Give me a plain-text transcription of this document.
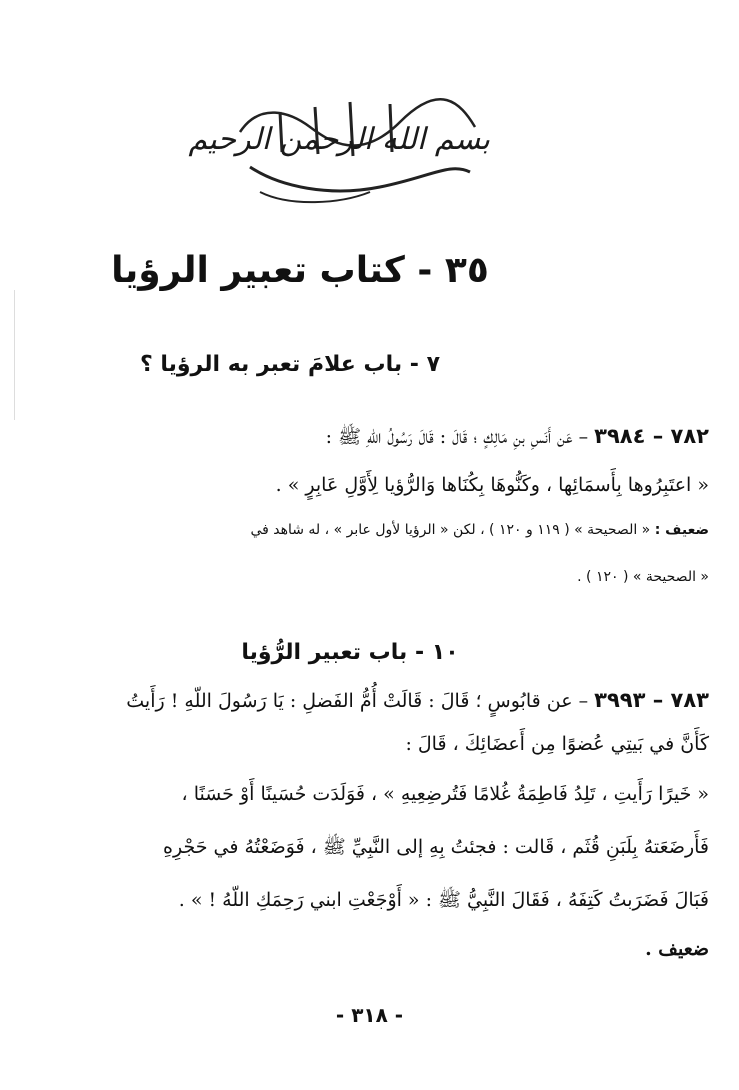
بسم الله الرحمن الرحيم
٣٥ - كتاب تعبير الرؤيا
٧ - باب علامَ تعبر به الرؤيا ؟
٧٨٢ – ٣٩٨٤ – عَن أَنَسِ بنِ مَالِكٍ ؛ قَالَ : قَالَ رَسُولُ اللّهِ ﷺ :
« اعتَبِرُوها بِأَسمَائِها ، وكَنُّوهَا بِكُنَاها وَالرُّؤيا لِأَوَّلِ عَابِرٍ » .
ضعيف : « الصحيحة » ( ١١٩ و ١٢٠ ) ، لكن « الرؤيا لأول عابر » ، له شاهد في
« الصحيحة » ( ١٢٠ ) .
١٠ - باب تعبير الرُّؤيا
٧٨٣ – ٣٩٩٣ – عن قابُوسٍ ؛ قَالَ : قَالَتْ أُمُّ الفَضلِ : يَا رَسُولَ اللّهِ ! رَأَيتُ
كَأَنَّ في بَيتِي عُضوًا مِن أَعضَائِكَ ، قَالَ :
« خَيرًا رَأَيتِ ، تَلِدُ فَاطِمَةُ غُلامًا فَتُرضِعِيهِ » ، فَوَلَدَت حُسَينًا أَوْ حَسَنًا ،
فَأَرضَعَتهُ بِلَبَنِ قُثَم ، قَالت : فجئتُ بِهِ إلى النَّبِيِّ ﷺ ، فَوَضَعْتُهُ في حَجْرِهِ
فَبَالَ فَضَرَبتُ كَتِفَهُ ، فَقَالَ النَّبِيُّ ﷺ : « أَوْجَعْتِ ابني رَحِمَكِ اللّهُ ! » .
ضعيف .
- ٣١٨ -
